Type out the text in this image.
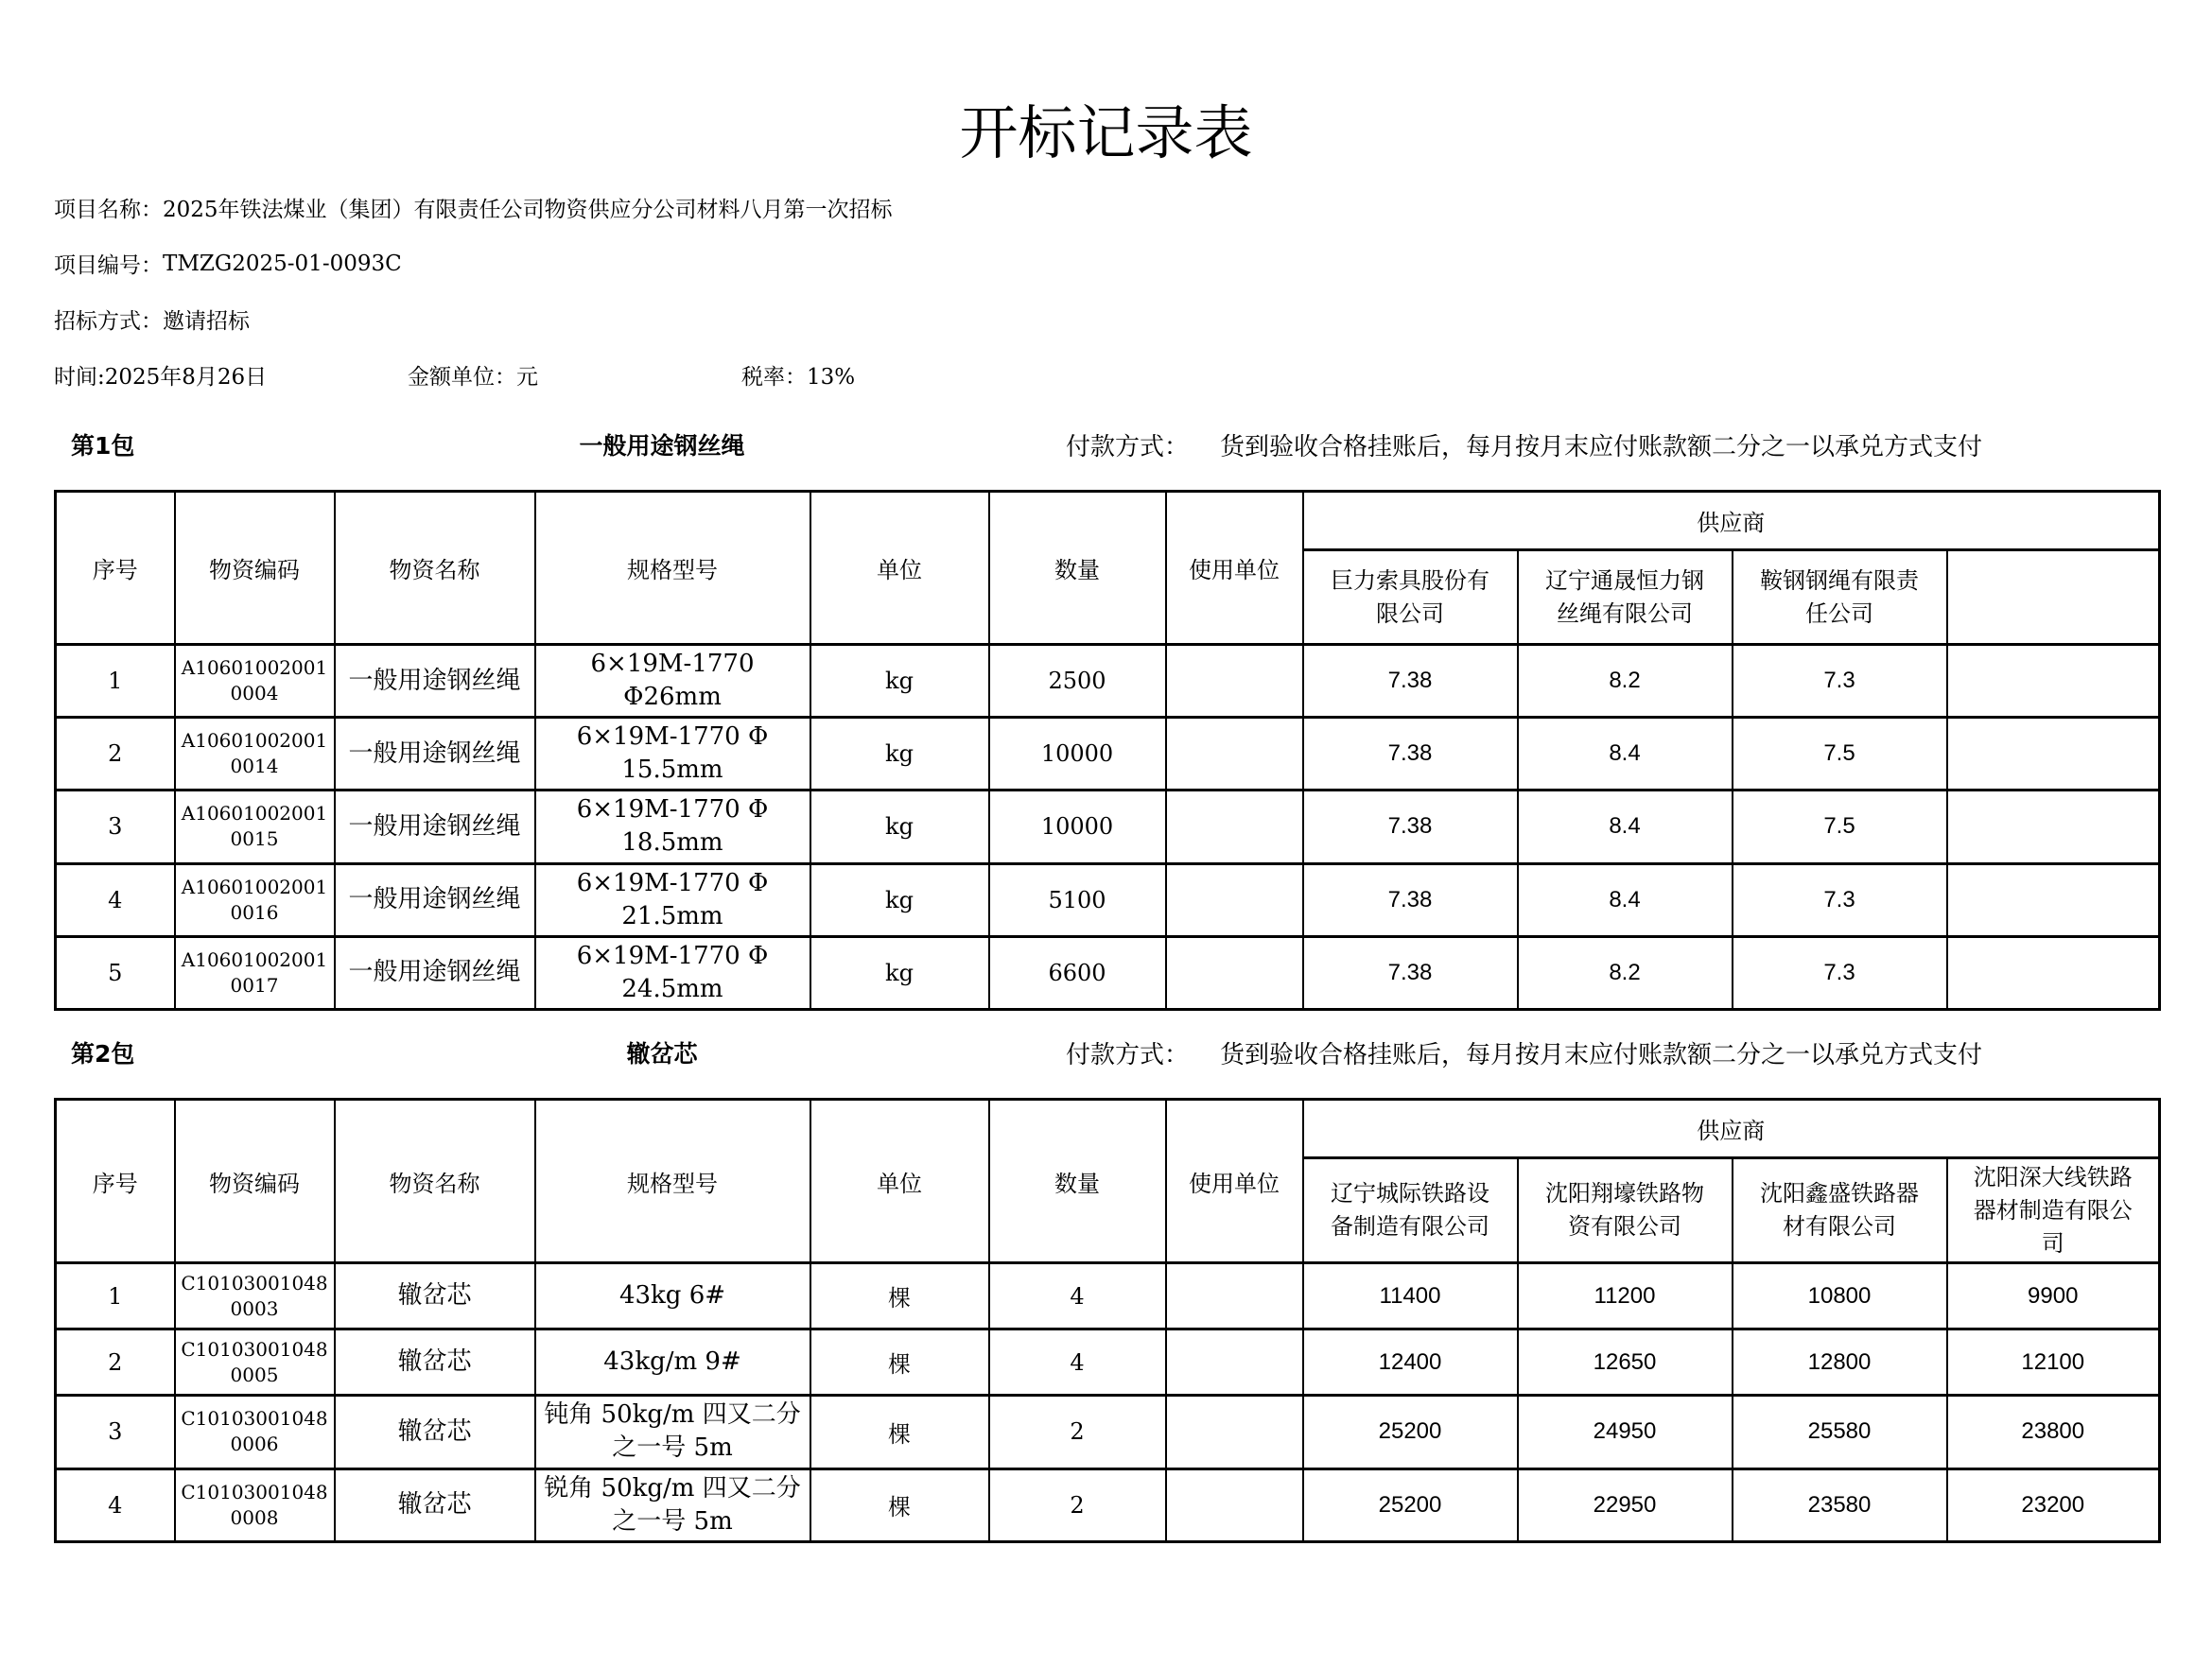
开标记录表
项目名称： 2025年铁法煤业（集团）有限责任公司物资供应分公司材料八月第一次招标
项目编号： TMZG2025-01-0093C
招标方式： 邀请招标
时间:2025年8月26日	金额单位：元	税率：13%
第1包	一般用途钢丝绳	付款方式： 货到验收合格挂账后，每月按月末应付账款额二分之一以承兑方式支付
序号	物资编码	物资名称	规格型号	单位	数量	使用单位	供应商			
							巨力索具股份有限公司	辽宁通晟恒力钢丝绳有限公司	鞍钢钢绳有限责任公司	
1	A106010020010004	一般用途钢丝绳	6×19M-1770 Φ26mm	kg	2500		7.38	8.2	7.3	
2	A106010020010014	一般用途钢丝绳	6×19M-1770 Φ 15.5mm	kg	10000		7.38	8.4	7.5	
3	A106010020010015	一般用途钢丝绳	6×19M-1770 Φ 18.5mm	kg	10000		7.38	8.4	7.5	
4	A106010020010016	一般用途钢丝绳	6×19M-1770 Φ 21.5mm	kg	5100		7.38	8.4	7.3	
5	A106010020010017	一般用途钢丝绳	6×19M-1770 Φ 24.5mm	kg	6600		7.38	8.2	7.3	
第2包	辙岔芯	付款方式： 货到验收合格挂账后，每月按月末应付账款额二分之一以承兑方式支付
序号	物资编码	物资名称	规格型号	单位	数量	使用单位	供应商			
							辽宁城际铁路设备制造有限公司	沈阳翔壕铁路物资有限公司	沈阳鑫盛铁路器材有限公司	沈阳深大线铁路器材制造有限公司
1	C101030010480003	辙岔芯	43kg 6#	棵	4		11400	11200	10800	9900
2	C101030010480005	辙岔芯	43kg/m 9#	棵	4		12400	12650	12800	12100
3	C101030010480006	辙岔芯	钝角 50kg/m 四又二分之一号 5m	棵	2		25200	24950	25580	23800
4	C101030010480008	辙岔芯	锐角 50kg/m 四又二分之一号 5m	棵	2		25200	22950	23580	23200
